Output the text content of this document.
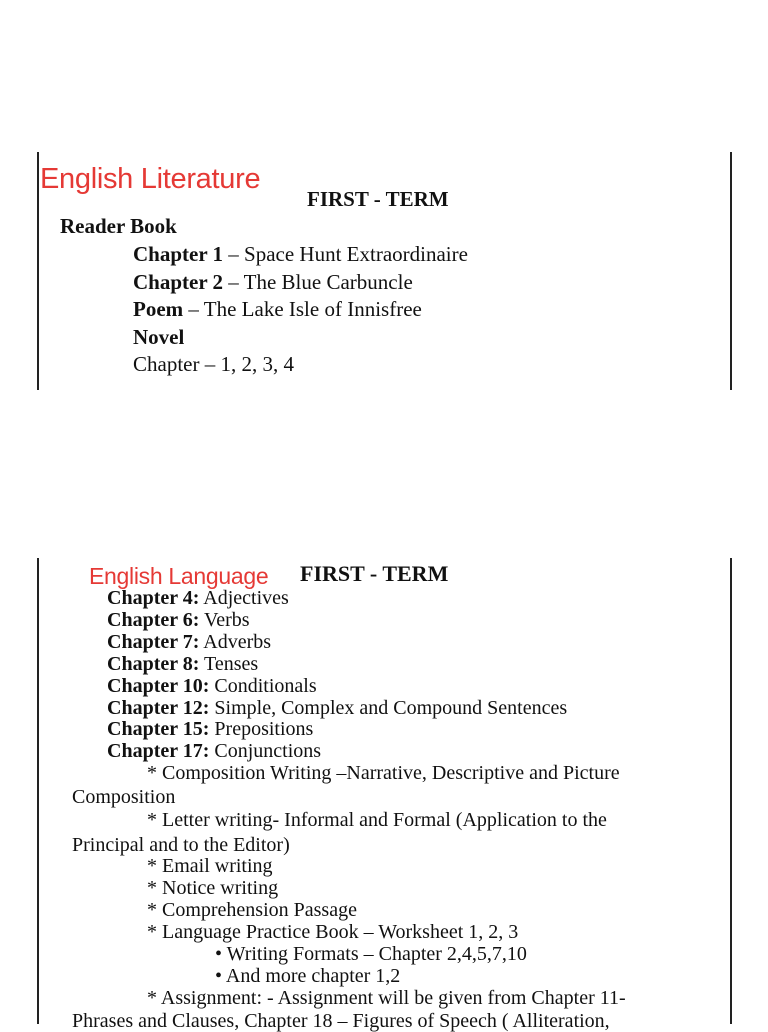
English Literature
FIRST - TERM
Reader Book
Chapter 1 – Space Hunt Extraordinaire
Chapter 2 – The Blue Carbuncle
Poem – The Lake Isle of Innisfree
Novel
Chapter – 1, 2, 3, 4
English Language FIRST - TERM
Chapter 4: Adjectives
Chapter 6: Verbs
Chapter 7: Adverbs
Chapter 8: Tenses
Chapter 10: Conditionals
Chapter 12: Simple, Complex and Compound Sentences
Chapter 15: Prepositions
Chapter 17: Conjunctions
* Composition Writing –Narrative, Descriptive and Picture
Composition
* Letter writing- Informal and Formal (Application to the
Principal and to the Editor)
* Email writing
* Notice writing
* Comprehension Passage
* Language Practice Book – Worksheet 1, 2, 3
• Writing Formats – Chapter 2,4,5,7,10
• And more chapter 1,2
* Assignment: - Assignment will be given from Chapter 11-
Phrases and Clauses, Chapter 18 – Figures of Speech ( Alliteration,
